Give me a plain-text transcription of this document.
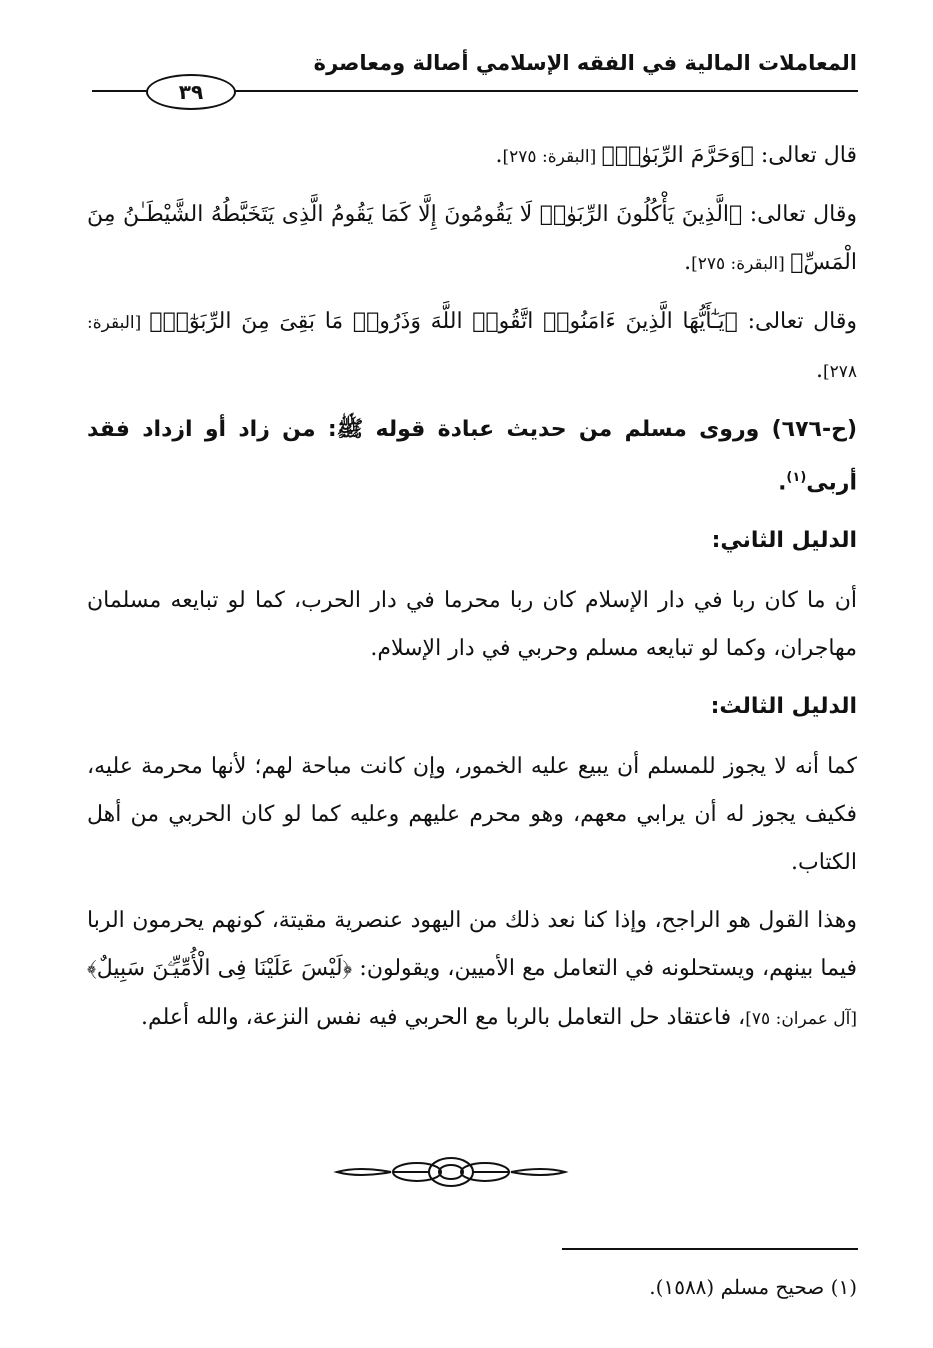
المعاملات المالية في الفقه الإسلامي أصالة ومعاصرة
٣٩

قال تعالى: ﴿وَحَرَّمَ الرِّبَوٰا۟﴾ [البقرة: ٢٧٥].

وقال تعالى: ﴿الَّذِينَ يَأْكُلُونَ الرِّبَوٰا۟ لَا يَقُومُونَ إِلَّا كَمَا يَقُومُ الَّذِى يَتَخَبَّطُهُ الشَّيْطَـٰنُ مِنَ الْمَسِّ﴾ [البقرة: ٢٧٥].

وقال تعالى: ﴿يَـٰٓأَيُّهَا الَّذِينَ ءَامَنُوا۟ اتَّقُوا۟ اللَّهَ وَذَرُوا۟ مَا بَقِىَ مِنَ الرِّبَوٰٓا۟﴾ [البقرة: ٢٧٨].

(ح-٦٧٦) وروى مسلم من حديث عبادة قوله ﷺ: من زاد أو ازداد فقد أربى$^{(١)}$.

الدليل الثاني:

أن ما كان ربا في دار الإسلام كان ربا محرما في دار الحرب، كما لو تبايعه مسلمان مهاجران، وكما لو تبايعه مسلم وحربي في دار الإسلام.

الدليل الثالث:

كما أنه لا يجوز للمسلم أن يبيع عليه الخمور، وإن كانت مباحة لهم؛ لأنها محرمة عليه، فكيف يجوز له أن يرابي معهم، وهو محرم عليهم وعليه كما لو كان الحربي من أهل الكتاب.

وهذا القول هو الراجح، وإذا كنا نعد ذلك من اليهود عنصرية مقيتة، كونهم يحرمون الربا فيما بينهم، ويستحلونه في التعامل مع الأميين، ويقولون: ﴿لَيْسَ عَلَيْنَا فِى الْأُمِّيِّـۧنَ سَبِيلٌ﴾ [آل عمران: ٧٥]، فاعتقاد حل التعامل بالربا مع الحربي فيه نفس النزعة، والله أعلم.

(١) صحيح مسلم (١٥٨٨).
